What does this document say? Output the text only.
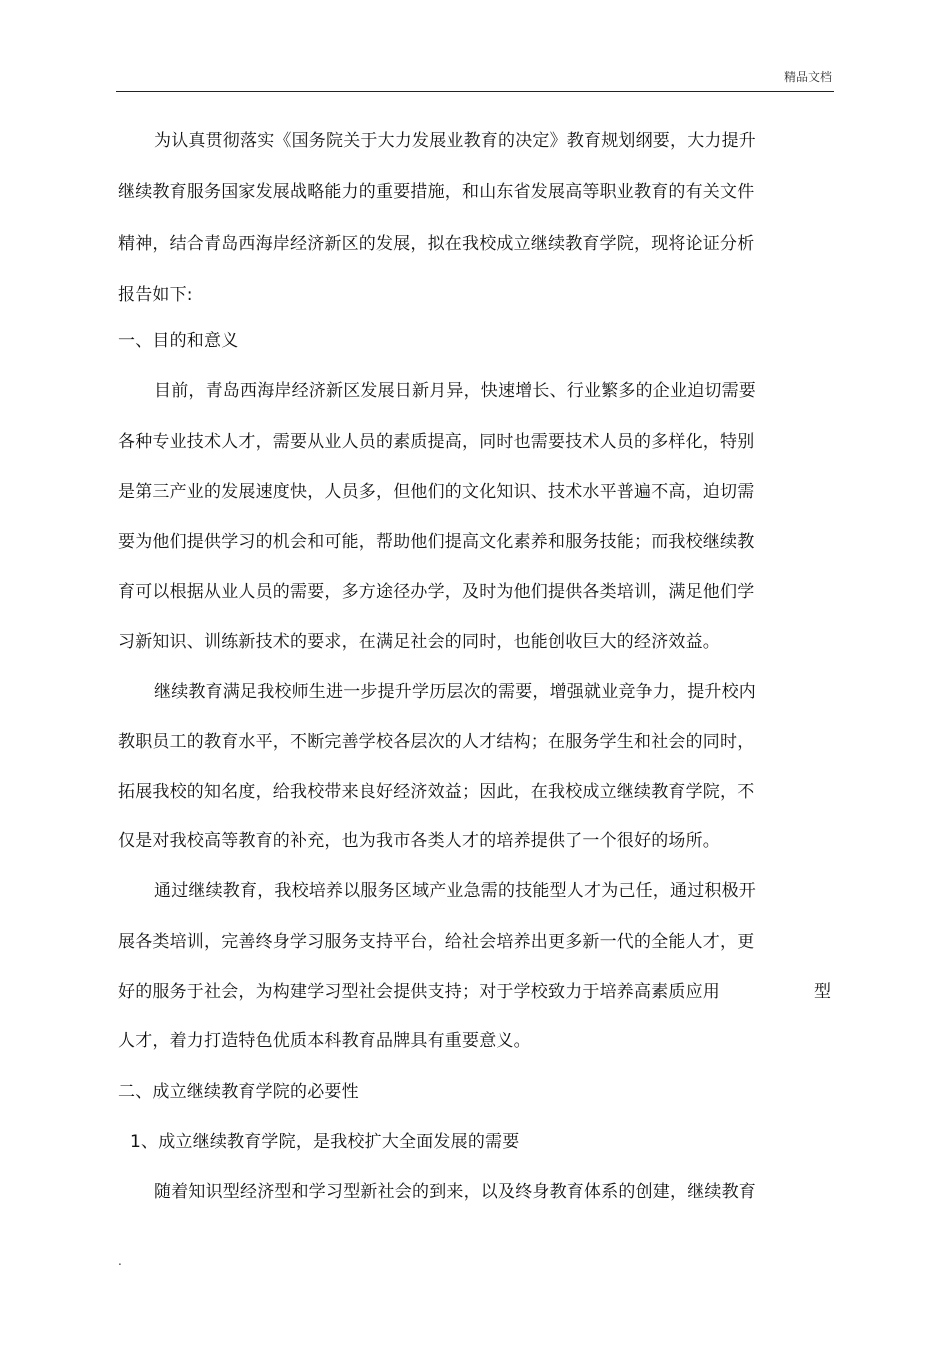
精品文档
为认真贯彻落实《国务院关于大力发展业教育的决定》教育规划纲要，大力提升
继续教育服务国家发展战略能力的重要措施，和山东省发展高等职业教育的有关文件
精神，结合青岛西海岸经济新区的发展，拟在我校成立继续教育学院，现将论证分析
报告如下:
一、目的和意义
目前，青岛西海岸经济新区发展日新月异，快速增长、行业繁多的企业迫切需要
各种专业技术人才，需要从业人员的素质提高，同时也需要技术人员的多样化，特别
是第三产业的发展速度快，人员多，但他们的文化知识、技术水平普遍不高，迫切需
要为他们提供学习的机会和可能，帮助他们提高文化素养和服务技能；而我校继续教
育可以根据从业人员的需要，多方途径办学，及时为他们提供各类培训，满足他们学
习新知识、训练新技术的要求，在满足社会的同时，也能创收巨大的经济效益。
继续教育满足我校师生进一步提升学历层次的需要，增强就业竞争力，提升校内
教职员工的教育水平，不断完善学校各层次的人才结构；在服务学生和社会的同时，
拓展我校的知名度，给我校带来良好经济效益；因此，在我校成立继续教育学院，不
仅是对我校高等教育的补充，也为我市各类人才的培养提供了一个很好的场所。
通过继续教育，我校培养以服务区域产业急需的技能型人才为己任，通过积极开
展各类培训，完善终身学习服务支持平台，给社会培养出更多新一代的全能人才，更
好的服务于社会，为构建学习型社会提供支持；对于学校致力于培养高素质应用	型
人才，着力打造特色优质本科教育品牌具有重要意义。
二、成立继续教育学院的必要性
1、成立继续教育学院，是我校扩大全面发展的需要
随着知识型经济型和学习型新社会的到来，以及终身教育体系的创建，继续教育
.
